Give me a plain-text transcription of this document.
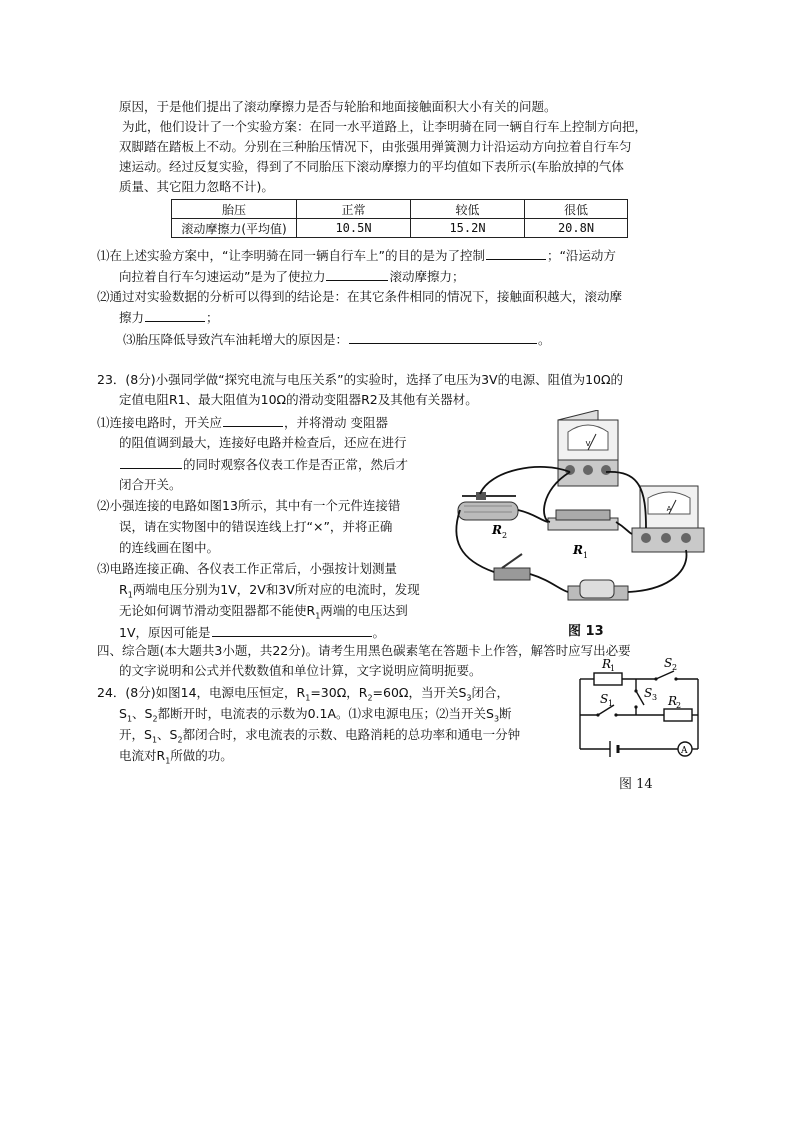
原因，于是他们提出了滚动摩擦力是否与轮胎和地面接触面积大小有关的问题。
为此，他们设计了一个实验方案：在同一水平道路上，让李明骑在同一辆自行车上控制方向把，
双脚踏在踏板上不动。分别在三种胎压情况下，由张强用弹簧测力计沿运动方向拉着自行车匀
速运动。经过反复实验，得到了不同胎压下滚动摩擦力的平均值如下表所示(车胎放掉的气体
质量、其它阻力忽略不计)。
胎压	正常	较低	很低
滚动摩擦力(平均值)	10.5N	15.2N	20.8N
⑴在上述实验方案中，“让李明骑在同一辆自行车上”的目的是为了控制	；“沿运动方
向拉着自行车匀速运动”是为了使拉力	滚动摩擦力；
⑵通过对实验数据的分析可以得到的结论是：在其它条件相同的情况下，接触面积越大，滚动摩
擦力	；
⑶胎压降低导致汽车油耗增大的原因是：	。
23．(8分)小强同学做“探究电流与电压关系”的实验时，选择了电压为3V的电源、阻值为10Ω的
定值电阻R1、最大阻值为10Ω的滑动变阻器R2及其他有关器材。
⑴连接电路时，开关应	，并将滑动 变阻器
的阻值调到最大，连接好电路并检查后，还应在进行
的同时观察各仪表工作是否正常，然后才
闭合开关。
⑵小强连接的电路如图13所示，其中有一个元件连接错
误，请在实物图中的错误连线上打“×”，并将正确
的连线画在图中。
⑶电路连接正确、各仪表工作正常后，小强按计划测量
$R_1$两端电压分别为1V，2V和3V所对应的电流时，发现
无论如何调节滑动变阻器都不能使$R_1$两端的电压达到
1V，原因可能是	。
V
R 1
A
R 2
图 13
四、综合题(本大题共3小题，共22分)。请考生用黑色碳素笔在答题卡上作答，解答时应写出必要
的文字说明和公式并代数数值和单位计算，文字说明应简明扼要。
24．(8分)如图14，电源电压恒定，$R_1=30\Omega$，$R_2=60\Omega$，当开关$S_3$闭合，
$S_1$、$S_2$都断开时，电流表的示数为0.1A。⑴求电源电压；⑵当开关$S_3$断
开，$S_1$、$S_2$都闭合时，求电流表的示数、电路消耗的总功率和通电一分钟
电流对$R_1$所做的功。
R
1	S 2
S 1
S 3 R
2
A
图 14
